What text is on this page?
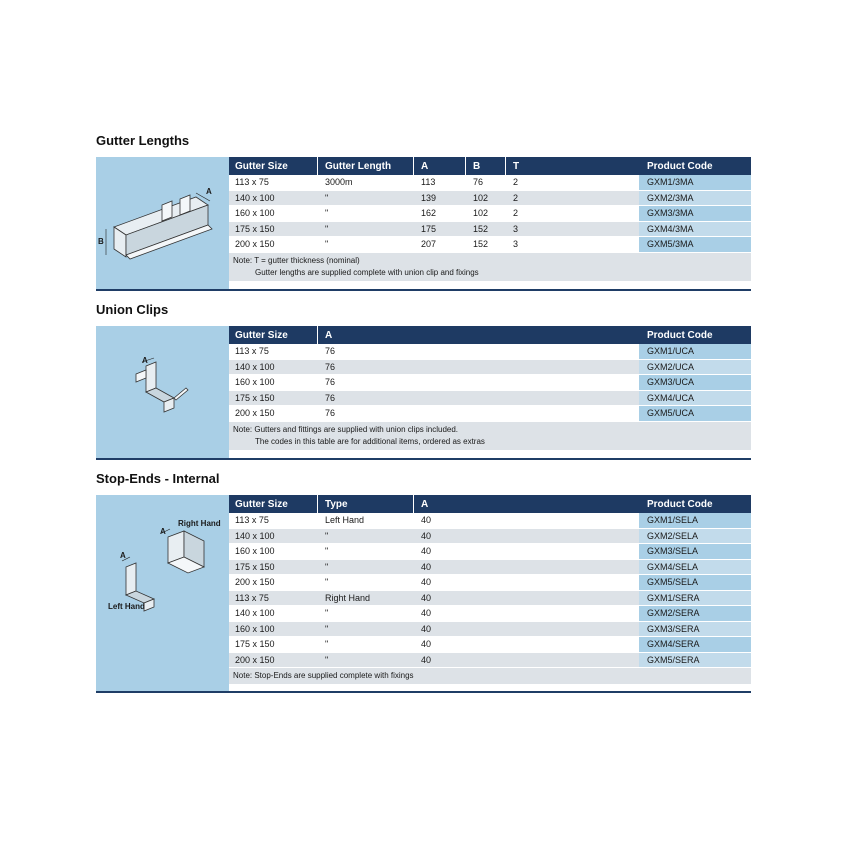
Gutter Lengths
A
B
Gutter Size	Gutter Length	A	B	T	Product Code
113 x 75	3000m	113	76	2	GXM1/3MA
140 x 100	"	139	102	2	GXM2/3MA
160 x 100	"	162	102	2	GXM3/3MA
175 x 150	"	175	152	3	GXM4/3MA
200 x 150	"	207	152	3	GXM5/3MA
Note: T = gutter thickness (nominal)
Gutter lengths are supplied complete with union clip and fixings
Union Clips
A
Gutter Size	A	Product Code
113 x 75	76	GXM1/UCA
140 x 100	76	GXM2/UCA
160 x 100	76	GXM3/UCA
175 x 150	76	GXM4/UCA
200 x 150	76	GXM5/UCA
Note: Gutters and fittings are supplied with union clips included.
The codes in this table are for additional items, ordered as extras
Stop-Ends - Internal
Right Hand
Left Hand
A
A
Gutter Size	Type	A	Product Code
113 x 75	Left Hand	40	GXM1/SELA
140 x 100	"	40	GXM2/SELA
160 x 100	"	40	GXM3/SELA
175 x 150	"	40	GXM4/SELA
200 x 150	"	40	GXM5/SELA
113 x 75	Right Hand	40	GXM1/SERA
140 x 100	"	40	GXM2/SERA
160 x 100	"	40	GXM3/SERA
175 x 150	"	40	GXM4/SERA
200 x 150	"	40	GXM5/SERA
Note: Stop-Ends are supplied complete with fixings
